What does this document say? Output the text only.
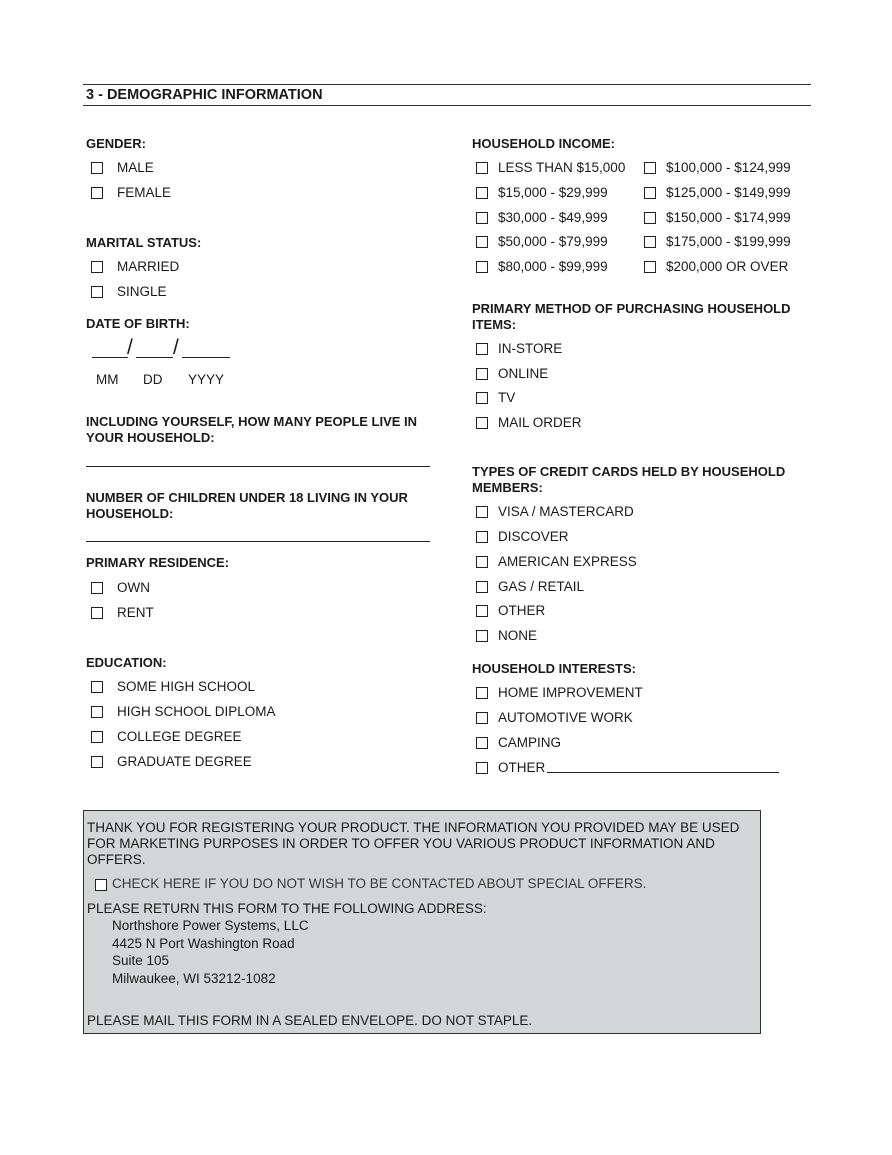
3 - DEMOGRAPHIC INFORMATION
GENDER:
MALE
FEMALE
MARITAL STATUS:
MARRIED
SINGLE
DATE OF BIRTH:
/ /
MM DD YYYY
INCLUDING YOURSELF, HOW MANY PEOPLE LIVE IN
YOUR HOUSEHOLD:
NUMBER OF CHILDREN UNDER 18 LIVING IN YOUR
HOUSEHOLD:
PRIMARY RESIDENCE:
OWN
RENT
EDUCATION:
SOME HIGH SCHOOL
HIGH SCHOOL DIPLOMA
COLLEGE DEGREE
GRADUATE DEGREE
HOUSEHOLD INCOME:
LESS THAN $15,000
$15,000 - $29,999
$30,000 - $49,999
$50,000 - $79,999
$80,000 - $99,999
$100,000 - $124,999
$125,000 - $149,999
$150,000 - $174,999
$175,000 - $199,999
$200,000 OR OVER
PRIMARY METHOD OF PURCHASING HOUSEHOLD
ITEMS:
IN-STORE
ONLINE
TV
MAIL ORDER
TYPES OF CREDIT CARDS HELD BY HOUSEHOLD
MEMBERS:
VISA / MASTERCARD
DISCOVER
AMERICAN EXPRESS
GAS / RETAIL
OTHER
NONE
HOUSEHOLD INTERESTS:
HOME IMPROVEMENT
AUTOMOTIVE WORK
CAMPING
OTHER
THANK YOU FOR REGISTERING YOUR PRODUCT. THE INFORMATION YOU PROVIDED MAY BE USED
FOR MARKETING PURPOSES IN ORDER TO OFFER YOU VARIOUS PRODUCT INFORMATION AND
OFFERS.
CHECK HERE IF YOU DO NOT WISH TO BE CONTACTED ABOUT SPECIAL OFFERS.
PLEASE RETURN THIS FORM TO THE FOLLOWING ADDRESS:
Northshore Power Systems, LLC
4425 N Port Washington Road
Suite 105
Milwaukee, WI 53212-1082
PLEASE MAIL THIS FORM IN A SEALED ENVELOPE. DO NOT STAPLE.
